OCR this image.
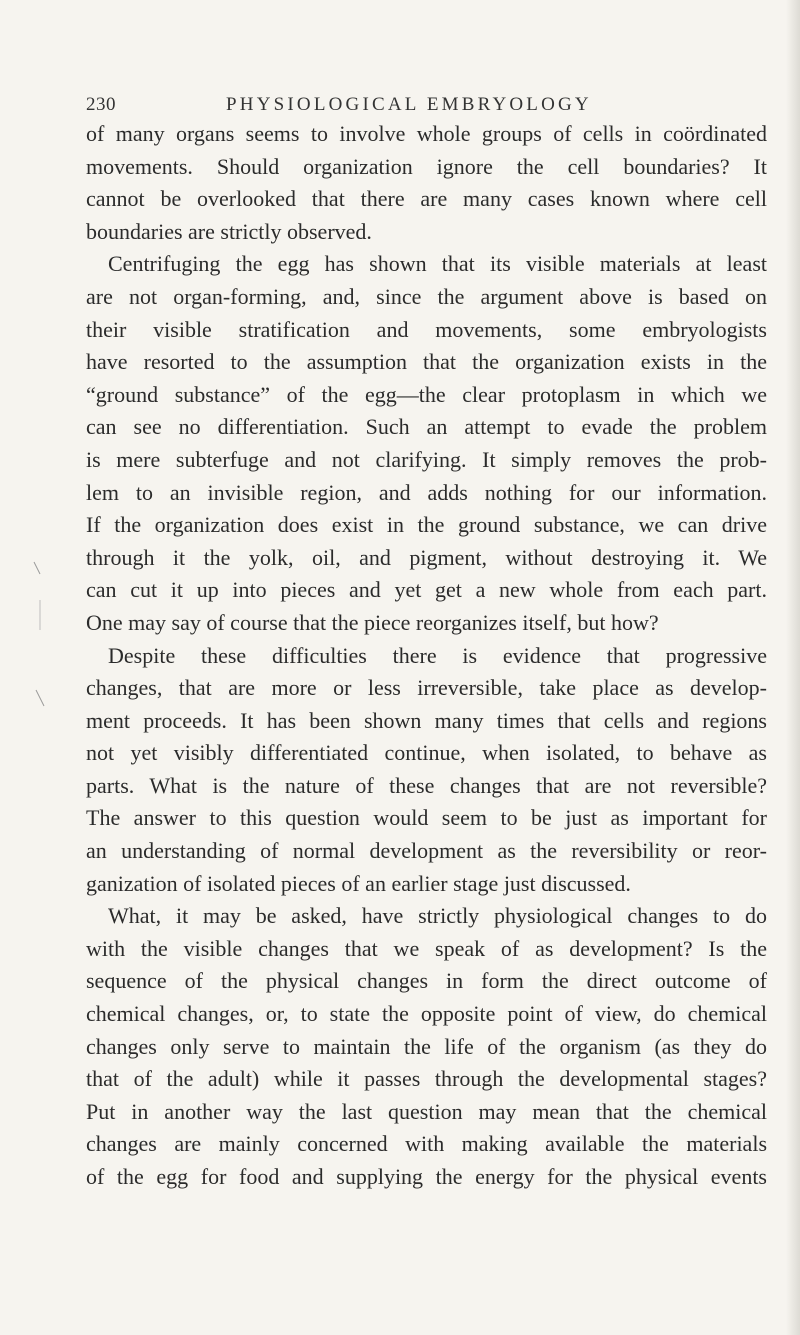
230	PHYSIOLOGICAL EMBRYOLOGY
of many organs seems to involve whole groups of cells in coördinated
movements. Should organization ignore the cell boundaries? It
cannot be overlooked that there are many cases known where cell
boundaries are strictly observed.
Centrifuging the egg has shown that its visible materials at least
are not organ-forming, and, since the argument above is based on
their visible stratification and movements, some embryologists
have resorted to the assumption that the organization exists in the
“ground substance” of the egg—the clear protoplasm in which we
can see no differentiation. Such an attempt to evade the problem
is mere subterfuge and not clarifying. It simply removes the prob-
lem to an invisible region, and adds nothing for our information.
If the organization does exist in the ground substance, we can drive
through it the yolk, oil, and pigment, without destroying it. We
can cut it up into pieces and yet get a new whole from each part.
One may say of course that the piece reorganizes itself, but how?
Despite these difficulties there is evidence that progressive
changes, that are more or less irreversible, take place as develop-
ment proceeds. It has been shown many times that cells and regions
not yet visibly differentiated continue, when isolated, to behave as
parts. What is the nature of these changes that are not reversible?
The answer to this question would seem to be just as important for
an understanding of normal development as the reversibility or reor-
ganization of isolated pieces of an earlier stage just discussed.
What, it may be asked, have strictly physiological changes to do
with the visible changes that we speak of as development? Is the
sequence of the physical changes in form the direct outcome of
chemical changes, or, to state the opposite point of view, do chemical
changes only serve to maintain the life of the organism (as they do
that of the adult) while it passes through the developmental stages?
Put in another way the last question may mean that the chemical
changes are mainly concerned with making available the materials
of the egg for food and supplying the energy for the physical events
